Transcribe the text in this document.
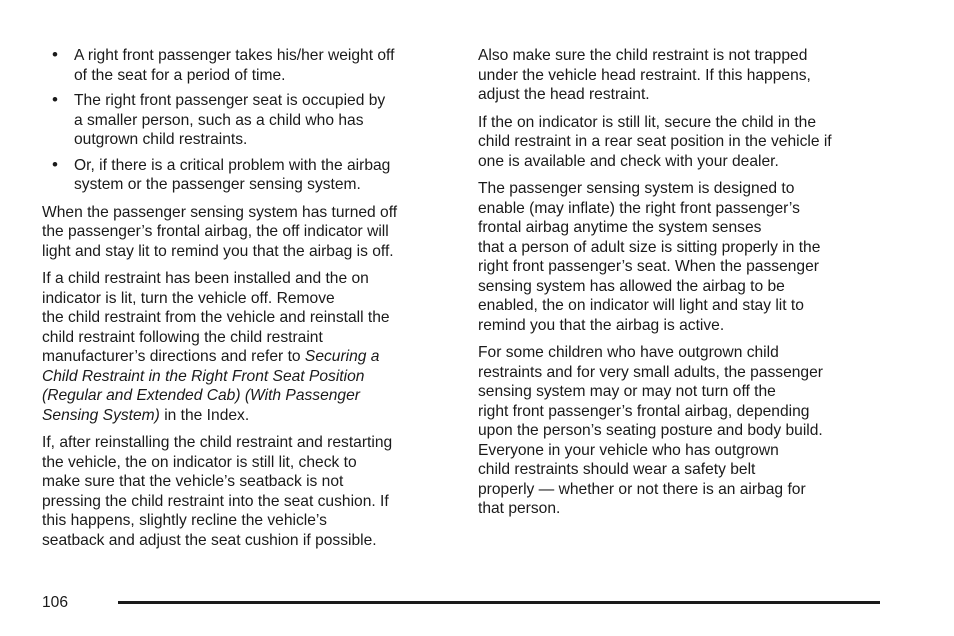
• A right front passenger takes his/her weight off
of the seat for a period of time.
• The right front passenger seat is occupied by
a smaller person, such as a child who has
outgrown child restraints.
• Or, if there is a critical problem with the airbag
system or the passenger sensing system.

When the passenger sensing system has turned off
the passenger’s frontal airbag, the off indicator will
light and stay lit to remind you that the airbag is off.

If a child restraint has been installed and the on
indicator is lit, turn the vehicle off. Remove
the child restraint from the vehicle and reinstall the
child restraint following the child restraint
manufacturer’s directions and refer to Securing a
Child Restraint in the Right Front Seat Position
(Regular and Extended Cab) (With Passenger
Sensing System) in the Index.

If, after reinstalling the child restraint and restarting
the vehicle, the on indicator is still lit, check to
make sure that the vehicle’s seatback is not
pressing the child restraint into the seat cushion. If
this happens, slightly recline the vehicle’s
seatback and adjust the seat cushion if possible.

Also make sure the child restraint is not trapped
under the vehicle head restraint. If this happens,
adjust the head restraint.

If the on indicator is still lit, secure the child in the
child restraint in a rear seat position in the vehicle if
one is available and check with your dealer.

The passenger sensing system is designed to
enable (may inflate) the right front passenger’s
frontal airbag anytime the system senses
that a person of adult size is sitting properly in the
right front passenger’s seat. When the passenger
sensing system has allowed the airbag to be
enabled, the on indicator will light and stay lit to
remind you that the airbag is active.

For some children who have outgrown child
restraints and for very small adults, the passenger
sensing system may or may not turn off the
right front passenger’s frontal airbag, depending
upon the person’s seating posture and body build.
Everyone in your vehicle who has outgrown
child restraints should wear a safety belt
properly — whether or not there is an airbag for
that person.

106
